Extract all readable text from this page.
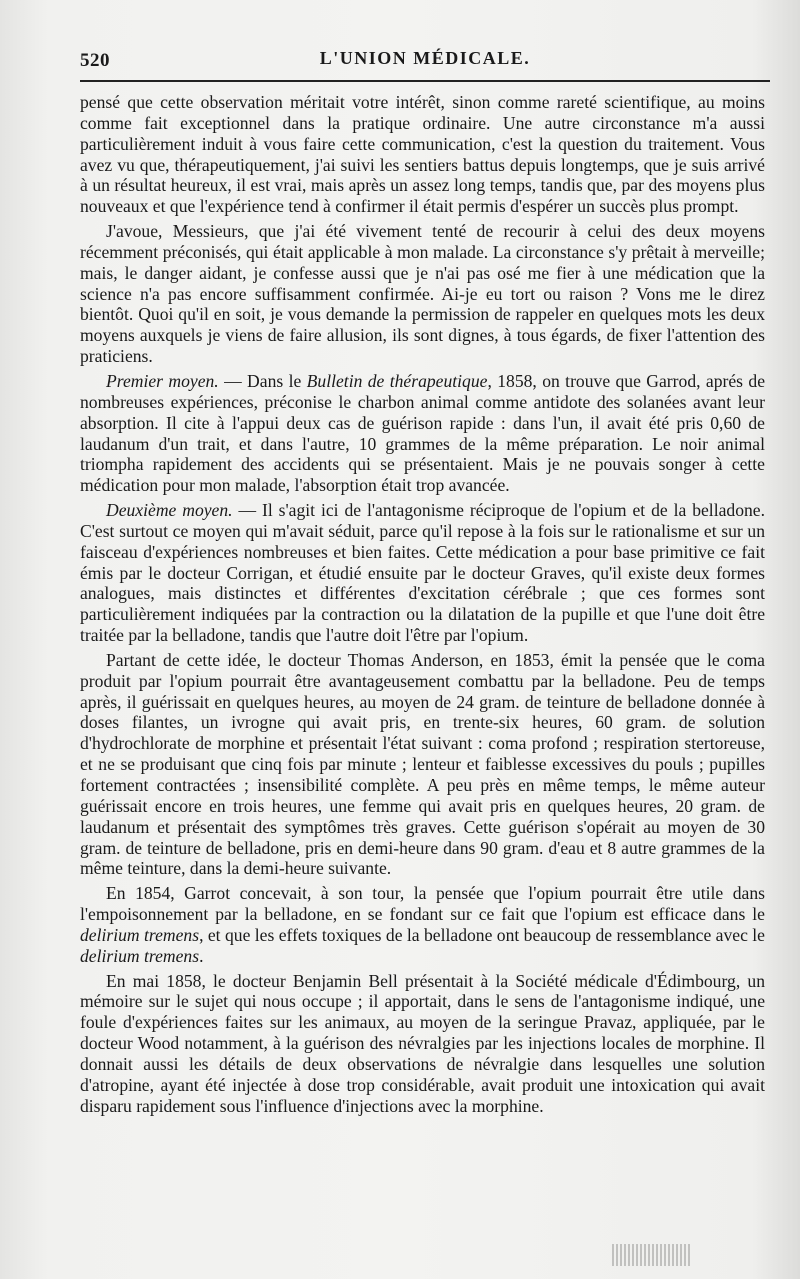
520	L'UNION MÉDICALE.

pensé que cette observation méritait votre intérêt, sinon comme rareté scientifique, au moins comme fait exceptionnel dans la pratique ordinaire. Une autre circonstance m'a aussi particulièrement induit à vous faire cette communication, c'est la question du traitement. Vous avez vu que, thérapeutiquement, j'ai suivi les sentiers battus depuis longtemps, que je suis arrivé à un résultat heureux, il est vrai, mais après un assez long temps, tandis que, par des moyens plus nouveaux et que l'expérience tend à confirmer il était permis d'espérer un succès plus prompt.

J'avoue, Messieurs, que j'ai été vivement tenté de recourir à celui des deux moyens récemment préconisés, qui était applicable à mon malade. La circonstance s'y prêtait à merveille; mais, le danger aidant, je confesse aussi que je n'ai pas osé me fier à une médication que la science n'a pas encore suffisamment confirmée. Ai-je eu tort ou raison ? Vons me le direz bientôt. Quoi qu'il en soit, je vous demande la permission de rappeler en quelques mots les deux moyens auxquels je viens de faire allusion, ils sont dignes, à tous égards, de fixer l'attention des praticiens.

Premier moyen. — Dans le Bulletin de thérapeutique, 1858, on trouve que Garrod, aprés de nombreuses expériences, préconise le charbon animal comme antidote des solanées avant leur absorption. Il cite à l'appui deux cas de guérison rapide : dans l'un, il avait été pris 0,60 de laudanum d'un trait, et dans l'autre, 10 grammes de la même préparation. Le noir animal triompha rapidement des accidents qui se présentaient. Mais je ne pouvais songer à cette médication pour mon malade, l'absorption était trop avancée.

Deuxième moyen. — Il s'agit ici de l'antagonisme réciproque de l'opium et de la belladone. C'est surtout ce moyen qui m'avait séduit, parce qu'il repose à la fois sur le rationalisme et sur un faisceau d'expériences nombreuses et bien faites. Cette médication a pour base primitive ce fait émis par le docteur Corrigan, et étudié ensuite par le docteur Graves, qu'il existe deux formes analogues, mais distinctes et différentes d'excitation cérébrale ; que ces formes sont particulièrement indiquées par la contraction ou la dilatation de la pupille et que l'une doit être traitée par la belladone, tandis que l'autre doit l'être par l'opium.

Partant de cette idée, le docteur Thomas Anderson, en 1853, émit la pensée que le coma produit par l'opium pourrait être avantageusement combattu par la belladone. Peu de temps après, il guérissait en quelques heures, au moyen de 24 gram. de teinture de belladone donnée à doses filantes, un ivrogne qui avait pris, en trente-six heures, 60 gram. de solution d'hydrochlorate de morphine et présentait l'état suivant : coma profond ; respiration stertoreuse, et ne se produisant que cinq fois par minute ; lenteur et faiblesse excessives du pouls ; pupilles fortement contractées ; insensibilité complète. A peu près en même temps, le même auteur guérissait encore en trois heures, une femme qui avait pris en quelques heures, 20 gram. de laudanum et présentait des symptômes très graves. Cette guérison s'opérait au moyen de 30 gram. de teinture de belladone, pris en demi-heure dans 90 gram. d'eau et 8 autre grammes de la même teinture, dans la demi-heure suivante.

En 1854, Garrot concevait, à son tour, la pensée que l'opium pourrait être utile dans l'empoisonnement par la belladone, en se fondant sur ce fait que l'opium est efficace dans le delirium tremens, et que les effets toxiques de la belladone ont beaucoup de ressemblance avec le delirium tremens.

En mai 1858, le docteur Benjamin Bell présentait à la Société médicale d'Édimbourg, un mémoire sur le sujet qui nous occupe ; il apportait, dans le sens de l'antagonisme indiqué, une foule d'expériences faites sur les animaux, au moyen de la seringue Pravaz, appliquée, par le docteur Wood notamment, à la guérison des névralgies par les injections locales de morphine. Il donnait aussi les détails de deux observations de névralgie dans lesquelles une solution d'atropine, ayant été injectée à dose trop considérable, avait produit une intoxication qui avait disparu rapidement sous l'influence d'injections avec la morphine.
